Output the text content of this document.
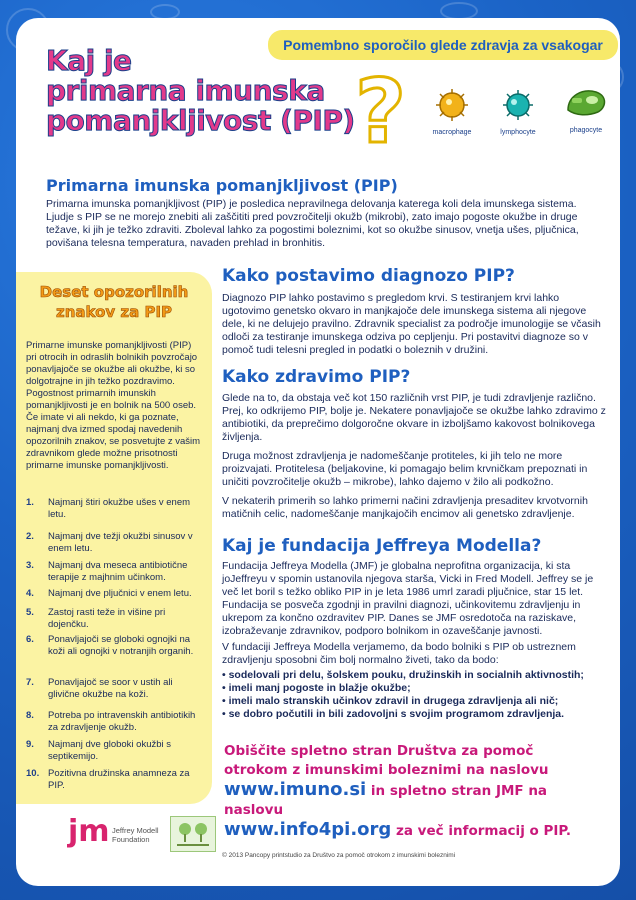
Pomembno sporočilo glede zdravja za vsakogar
Kaj je
primarna imunska
pomanjkljivost (PIP) ?	macrophage	lymphocyte	phagocyte
Primarna imunska pomanjkljivost (PIP)
Primarna imunska pomanjkljivost (PIP) je posledica nepravilnega delovanja katerega koli dela imunskega sistema. Ljudje s PIP se ne morejo znebiti ali zaščititi pred povzročitelji okužb (mikrobi), zato imajo pogoste okužbe in druge težave, ki jih je težko zdraviti. Zboleval lahko za pogostimi boleznimi, kot so okužbe sinusov, vnetja ušes, pljučnica, povišana telesna temperatura, navaden prehlad in bronhitis.
Deset opozorilnih
znakov za PIP
Primarne imunske pomanjkljivosti (PIP) pri otrocih in odraslih bolnikih povzročajo ponavljajoče se okužbe ali okužbe, ki so dolgotrajne in jih težko pozdravimo. Pogostnost primarnih imunskih pomanjkljivosti je en bolnik na 500 oseb. Če imate vi ali nekdo, ki ga poznate, najmanj dva izmed spodaj navedenih opozorilnih znakov, se posvetujte z vašim zdravnikom glede možne prisotnosti primarne imunske pomanjkljivosti.
1. Najmanj štiri okužbe ušes v enem letu.
2. Najmanj dve težji okužbi sinusov v enem letu.
3. Najmanj dva meseca antibiotične terapije z majhnim učinkom.
4. Najmanj dve pljučnici v enem letu.
5. Zastoj rasti teže in višine pri dojenčku.
6. Ponavljajoči se globoki ognojki na koži ali ognojki v notranjih organih.
7. Ponavljajoč se soor v ustih ali glivične okužbe na koži.
8. Potreba po intravenskih antibiotikih za zdravljenje okužb.
9. Najmanj dve globoki okužbi s septikemijo.
10. Pozitivna družinska anamneza za PIP.
Kako postavimo diagnozo PIP?
Diagnozo PIP lahko postavimo s pregledom krvi. S testiranjem krvi lahko ugotovimo genetsko okvaro in manjkajoče dele imunskega sistema ali njegove dele, ki ne delujejo pravilno. Zdravnik specialist za področje imunologije se včasih odloči za testiranje imunskega odziva po cepljenju. Pri postavitvi diagnoze so v pomoč tudi telesni pregled in podatki o boleznih v družini.
Kako zdravimo PIP?
Glede na to, da obstaja več kot 150 različnih vrst PIP, je tudi zdravljenje različno. Prej, ko odkrijemo PIP, bolje je. Nekatere ponavljajoče se okužbe lahko zdravimo z antibiotiki, da preprečimo dolgoročne okvare in izboljšamo kakovost bolnikovega življenja.
Druga možnost zdravljenja je nadomeščanje protiteles, ki jih telo ne more proizvajati. Protitelesa (beljakovine, ki pomagajo belim krvničkam prepoznati in uničiti povzročitelje okužb – mikrobe), lahko dajemo v žilo ali podkožno.
V nekaterih primerih so lahko primerni načini zdravljenja presaditev krvotvornih matičnih celic, nadomeščanje manjkajočih encimov ali genetsko zdravljenje.
Kaj je fundacija Jeffreya Modella?
Fundacija Jeffreya Modella (JMF) je globalna neprofitna organizacija, ki sta joJeffreyu v spomin ustanovila njegova starša, Vicki in Fred Modell. Jeffrey se je več let boril s težko obliko PIP in je leta 1986 umrl zaradi pljučnice, star 15 let. Fundacija se posveča zgodnji in pravilni diagnozi, učinkovitemu zdravljenju in ukrepom za končno ozdravitev PIP. Danes se JMF osredotoča na raziskave, izobraževanje zdravnikov, podporo bolnikom in ozaveščanje javnosti.
V fundaciji Jeffreya Modella verjamemo, da bodo bolniki s PIP ob ustreznem zdravljenju sposobni čim bolj normalno živeti, tako da bodo:
• sodelovali pri delu, šolskem pouku, družinskih in socialnih aktivnostih;
• imeli manj pogoste in blažje okužbe;
• imeli malo stranskih učinkov zdravil in drugega zdravljenja ali nič;
• se dobro počutili in bili zadovoljni s svojim programom zdravljenja.
Obiščite spletno stran Društva za pomoč
otrokom z imunskimi boleznimi na naslovu
www.imuno.si in spletno stran JMF na naslovu
www.info4pi.org za več informacij o PIP.
jm Jeffrey Modell
Foundation
© 2013 Pancopy printstudio za Društvo za pomoč otrokom z imunskimi boleznimi
